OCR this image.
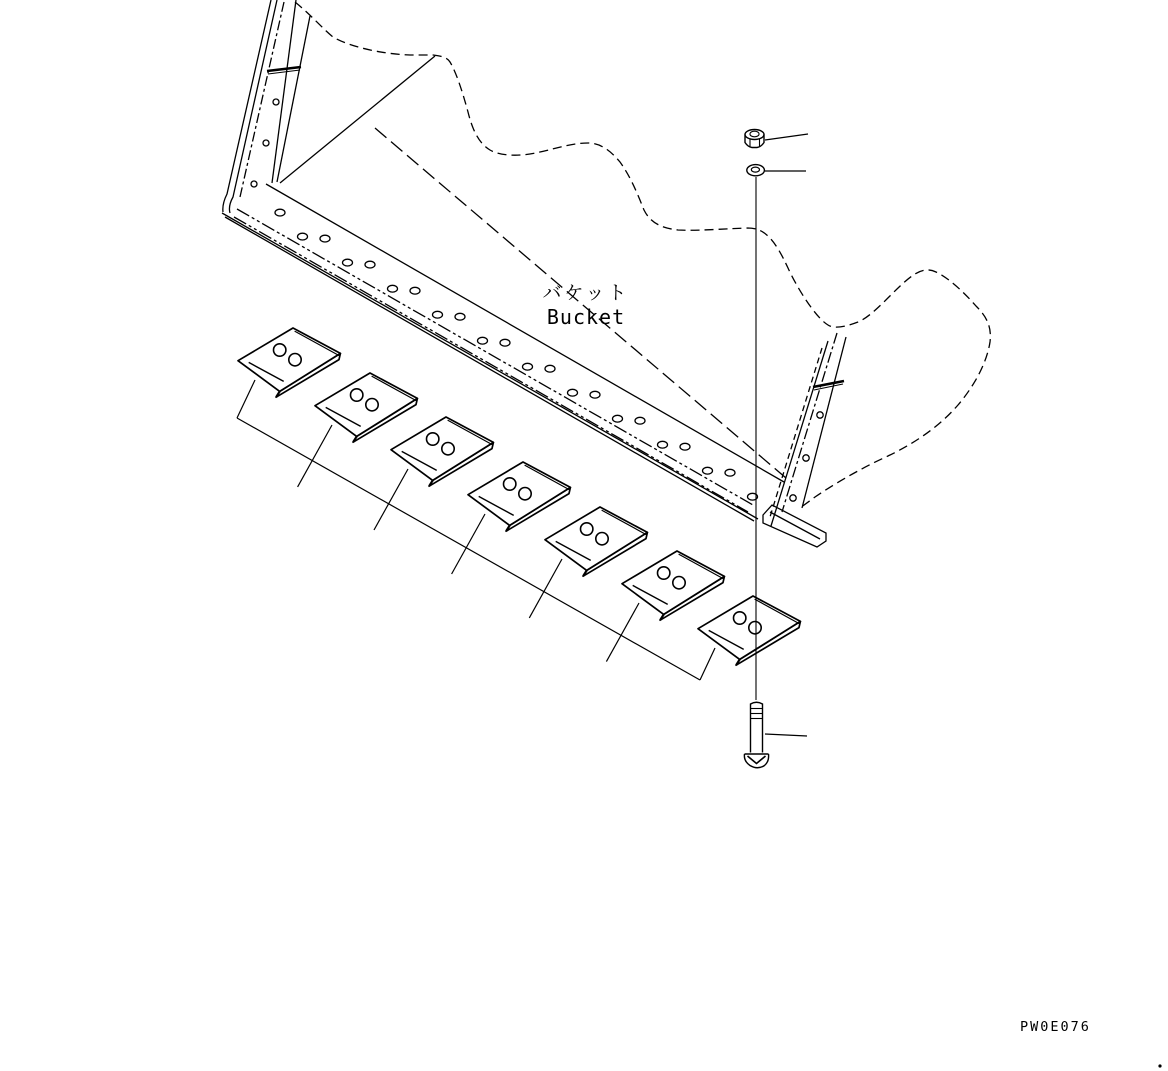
バケット
Bucket
PW0E076
